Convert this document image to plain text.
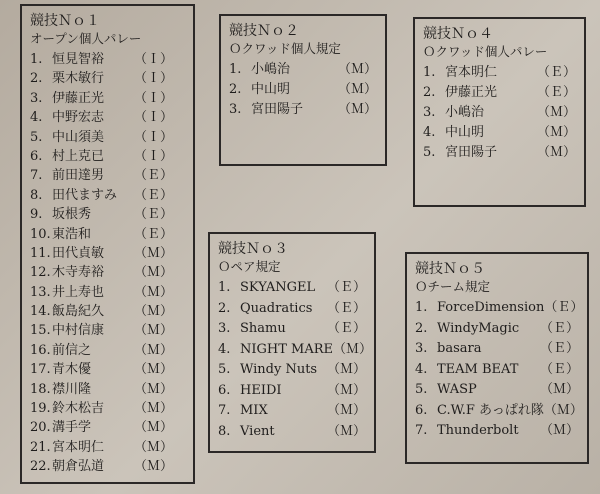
競技Ｎｏ１
オープン個人パレー
1. 恒見智裕	（Ｉ）
2. 栗木敏行	（Ｉ）
3. 伊藤正光	（Ｉ）
4. 中野宏志	（Ｉ）
5. 中山須美	（Ｉ）
6. 村上克已	（Ｉ）
7. 前田達男	（Ｅ）
8. 田代ますみ	（Ｅ）
9. 坂根秀	（Ｅ）
10. 東浩和	（Ｅ）
11. 田代貞敏	（Ｍ）
12. 木寺寿裕	（Ｍ）
13. 井上寿也	（Ｍ）
14. 飯島紀久	（Ｍ）
15. 中村信康	（Ｍ）
16. 前信之	（Ｍ）
17. 青木優	（Ｍ）
18. 襟川隆	（Ｍ）
19. 鈴木松吉	（Ｍ）
20. 溝手学	（Ｍ）
21. 宮本明仁	（Ｍ）
22. 朝倉弘道	（Ｍ）
競技Ｎｏ２
Ｏクワッド個人規定
1. 小嶋治	（Ｍ）
2. 中山明	（Ｍ）
3. 宮田陽子	（Ｍ）
競技Ｎｏ４
Ｏクワッド個人パレー
1. 宮本明仁	（Ｅ）
2. 伊藤正光	（Ｅ）
3. 小嶋治	（Ｍ）
4. 中山明	（Ｍ）
5. 宮田陽子	（Ｍ）
競技Ｎｏ３
Ｏペア規定
1. SKYANGEL （Ｅ）
2. Quadratics （Ｅ）
3. Shamu	（Ｅ）
4. NIGHT MARE （Ｍ）
5. Windy Nuts （Ｍ）
6. HEIDI	（Ｍ）
7. MIX	（Ｍ）
8. Vient	（Ｍ）
競技Ｎｏ５
Ｏチーム規定
1. ForceDimension （Ｅ）
2. WindyMagic （Ｅ）
3. basara	（Ｅ）
4. TEAM BEAT （Ｅ）
5. WASP	（Ｍ）
6. C.W.F あっぱれ隊 （Ｍ）
7. Thunderbolt （Ｍ）
